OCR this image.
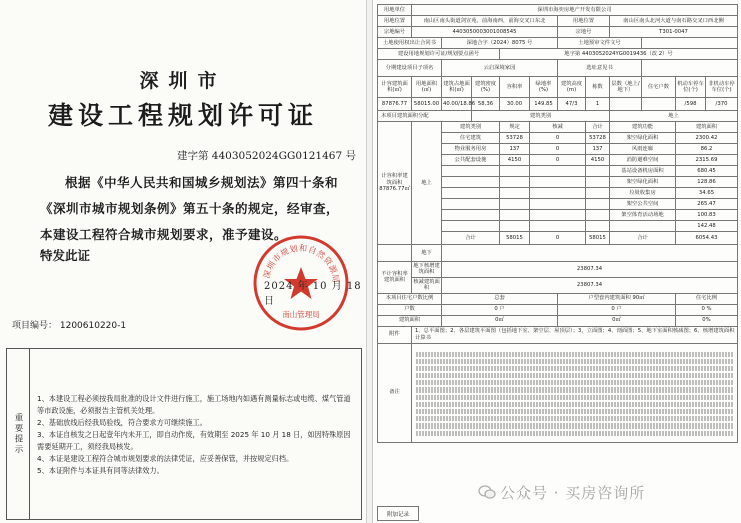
深圳市
建设工程规划许可证
建字第 4403052024GG0121467 号
根据《中华人民共和国城乡规划法》第四十条和《深圳市城市规划条例》第五十条的规定，经审查，本建设工程符合城市规划要求，准予建设。
特发此证
深圳市规划和自然资源局
南山管理局
2024 年 10 月 18 日
项目编号： 1200610220-1
重要提示
1、本建设工程必须按我局批准的设计文件进行施工，施工场地内如遇有测量标志或电缆、煤气管道等市政设施，必须报告主管机关处理。
2、基础放线后经我局验线，符合要求方可继续施工。
3、本证自核发之日起壹年内未开工，即自动作废，有效期至 2025 年 10 月 18 日，如因特殊原因需要延期开工，须经我局核发。
4、本证是建设工程符合城市规划要求的法律凭证，应妥善保管，并按规定归档。
5、本证附件与本证具有同等法律效力。
用地单位	深圳市海奕房地产开发有限公司										
用地位置	南山区南头街道剑宣苑、前海南西，前海交叉口东北					用地位置		南山区南头北河大道与南石路交叉口西北侧			
宗地编号	4403050003001008545					宗地号		T301-0047			
土地使用权出让合同书		深地合字（2024）8075 号				土地预审文件文号					
建设用地规划许可证/规划要点函号				地字第 4403052024YG0019436（改 2）号							
分期建设项目子项名		云启深境家园				选址意见书					
计容建筑面积(㎡)	用地面积(㎡)	建筑占地面积(㎡)	建筑密度(%)	容积率	绿地率(%)	建筑高度(m)	栋数	层数（地上/地下）	住宅户数	机动车停车位(个)	非机动车停车位(个)
87876.77	58015.00	40.00/18.86	58,36	30.00	149.85	47/3	1			/598	/370
本项目建筑面积分配			建筑类别					地上			
计容积率建筑面积 87876.77㎡	地上	建筑类别		规定	核减		合计	建筑功能		建筑面积	
		住宅建筑		53728	0		53728	架空绿化面积		2300.42	
		物业服务用房		137	0		137	风雨连廊		86.2	
		公共配套设施		4150	0		4150	消防避难空间		2315.69	
								基站设备机房面积		680.45	
								架空绿化面积		128.86	
								垃圾收集房		34.65	
								架空公共空间		265.47	
								架空体育活动场地		100.83	
										142.48	
		合计		58015	0		58015	合计		6054.43	
	地下										
不计容积率建筑面积	地下核增建筑面积	23807.34									
	核减建筑面积	23807.34									
本项目住宅户数比例		总套				户型套内建筑面积 90㎡				住宅比例	
户数		0 户				0 户				0 %	
建筑面积		0㎡				0㎡				0%	
附件	1、总平面图；2、各层建筑平面图（包括地下室、架空层、屋顶层）；3、立面图；4、剖面图；5、地下室面积核减图；6、核增建筑面积计算书										
备注											
附加记录
公众号 · 买房咨询所
